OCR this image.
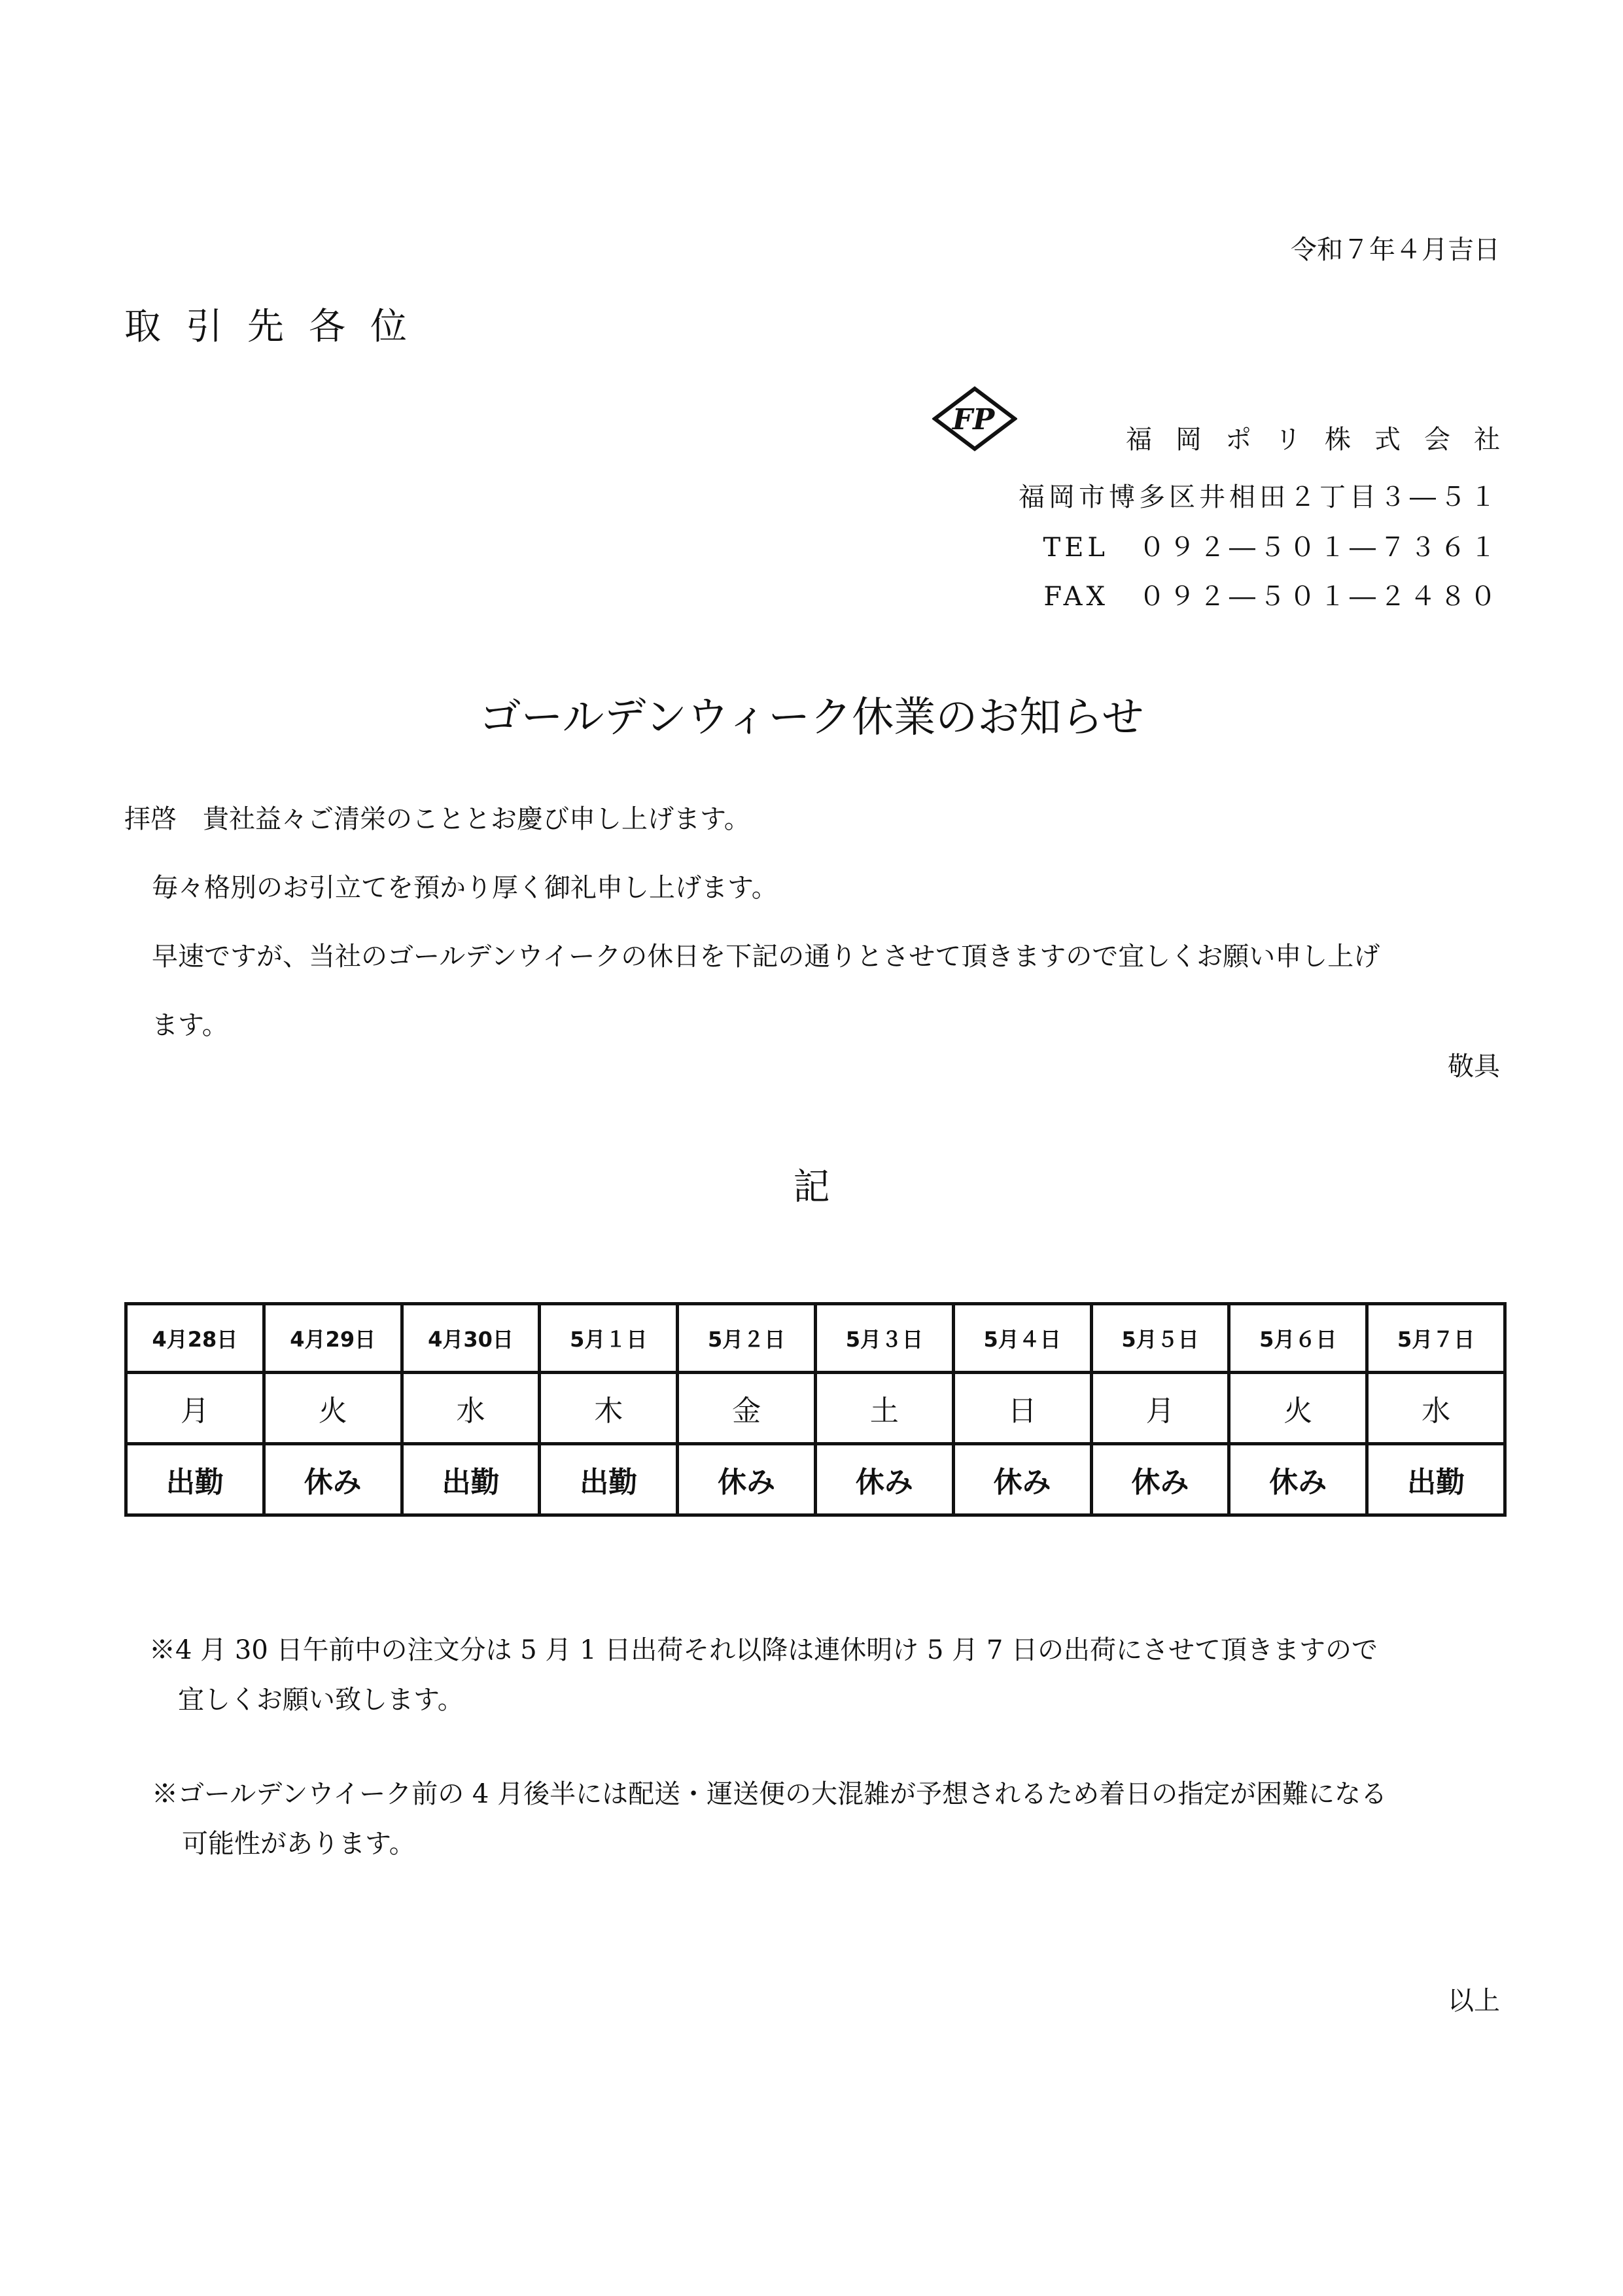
令和７年４月吉日
取引先各位
FP
福岡ポリ株式会社
福岡市博多区井相田２丁目３―５１
TEL　０９２―５０１―７３６１
FAX　０９２―５０１―２４８０
ゴールデンウィーク休業のお知らせ
拝啓　貴社益々ご清栄のこととお慶び申し上げます。
毎々格別のお引立てを預かり厚く御礼申し上げます。
早速ですが、当社のゴールデンウイークの休日を下記の通りとさせて頂きますので宜しくお願い申し上げ
ます。
敬具
記
4月28日	4月29日	4月30日	5月１日	5月２日	5月３日	5月４日	5月５日	5月６日	5月７日
月	火	水	木	金	土	日	月	火	水
出勤	休み	出勤	出勤	休み	休み	休み	休み	休み	出勤
※4 月 30 日午前中の注文分は 5 月 1 日出荷それ以降は連休明け 5 月 7 日の出荷にさせて頂きますので
宜しくお願い致します。
※ゴールデンウイーク前の 4 月後半には配送・運送便の大混雑が予想されるため着日の指定が困難になる
可能性があります。
以上
